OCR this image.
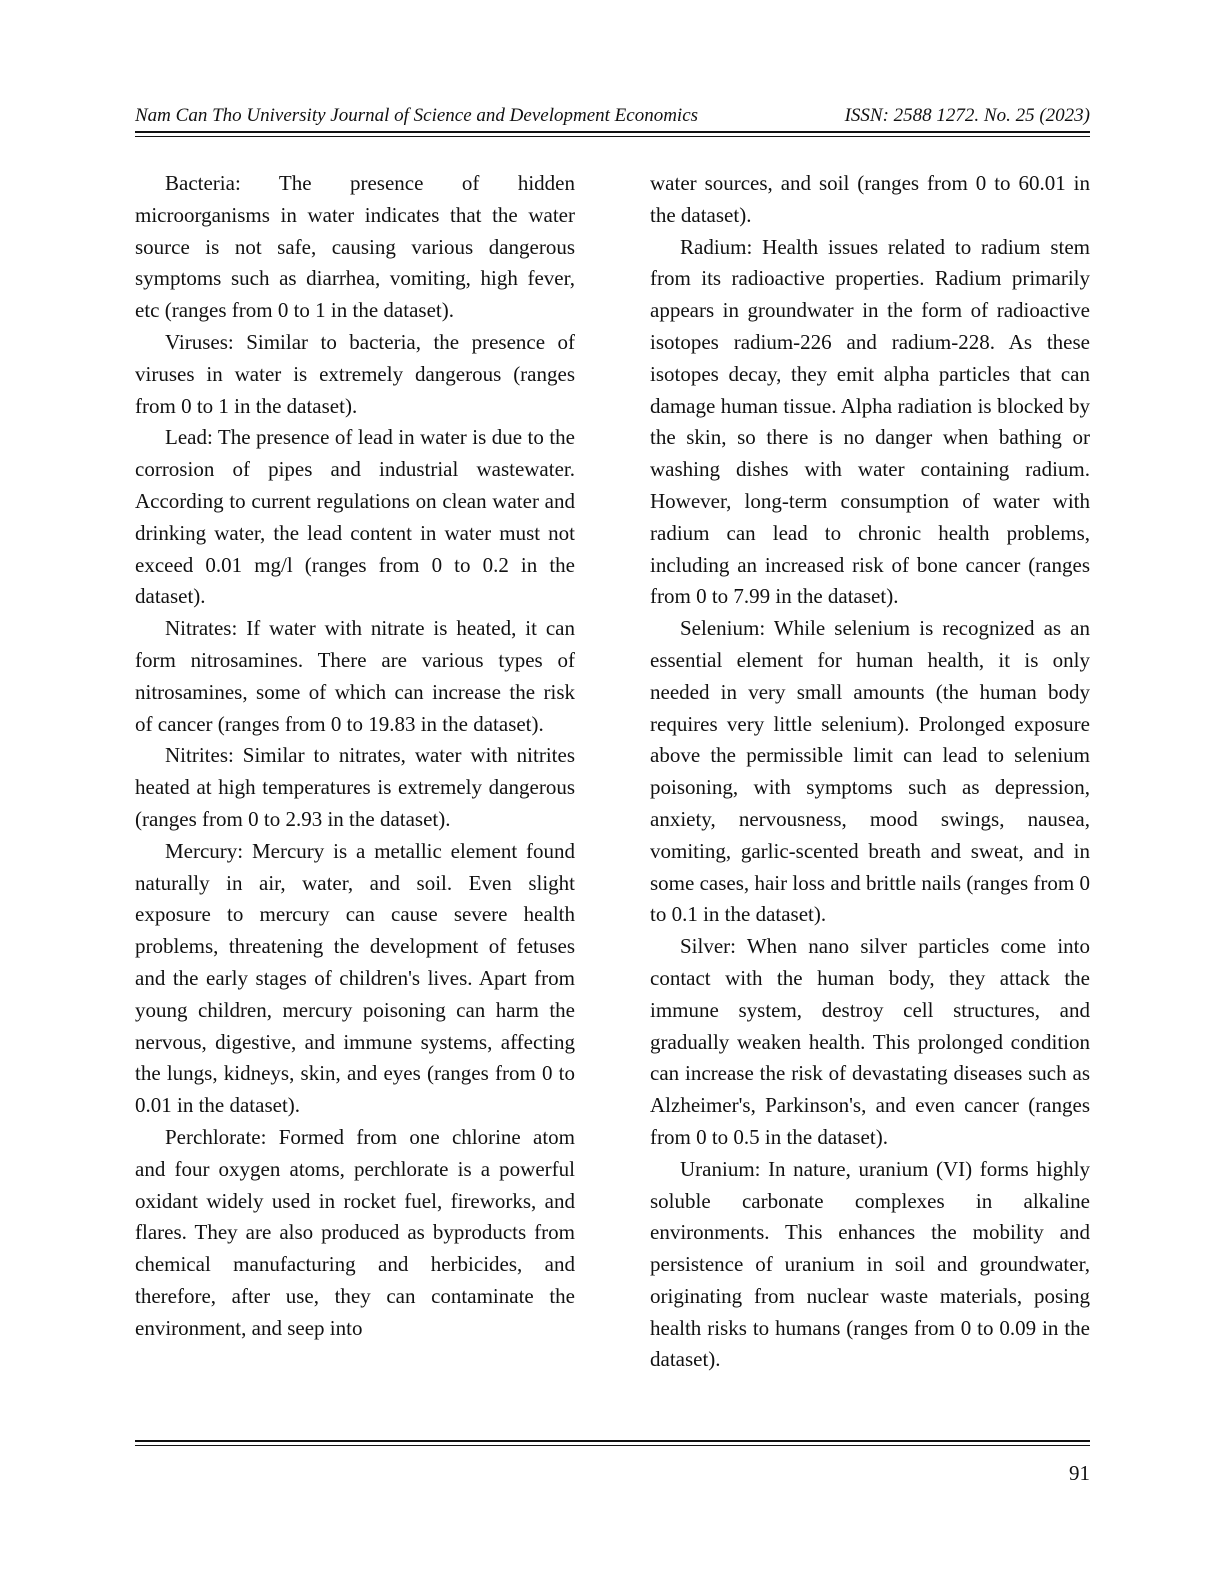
Nam Can Tho University Journal of Science and Development Economics	ISSN: 2588 1272. No. 25 (2023)

Bacteria: The presence of hidden microorganisms in water indicates that the water source is not safe, causing various dangerous symptoms such as diarrhea, vomiting, high fever, etc (ranges from 0 to 1 in the dataset).

Viruses: Similar to bacteria, the presence of viruses in water is extremely dangerous (ranges from 0 to 1 in the dataset).

Lead: The presence of lead in water is due to the corrosion of pipes and industrial wastewater. According to current regulations on clean water and drinking water, the lead content in water must not exceed 0.01 mg/l (ranges from 0 to 0.2 in the dataset).

Nitrates: If water with nitrate is heated, it can form nitrosamines. There are various types of nitrosamines, some of which can increase the risk of cancer (ranges from 0 to 19.83 in the dataset).

Nitrites: Similar to nitrates, water with nitrites heated at high temperatures is extremely dangerous (ranges from 0 to 2.93 in the dataset).

Mercury: Mercury is a metallic element found naturally in air, water, and soil. Even slight exposure to mercury can cause severe health problems, threatening the development of fetuses and the early stages of children's lives. Apart from young children, mercury poisoning can harm the nervous, digestive, and immune systems, affecting the lungs, kidneys, skin, and eyes (ranges from 0 to 0.01 in the dataset).

Perchlorate: Formed from one chlorine atom and four oxygen atoms, perchlorate is a powerful oxidant widely used in rocket fuel, fireworks, and flares. They are also produced as byproducts from chemical manufacturing and herbicides, and therefore, after use, they can contaminate the environment, and seep into

water sources, and soil (ranges from 0 to 60.01 in the dataset).

Radium: Health issues related to radium stem from its radioactive properties. Radium primarily appears in groundwater in the form of radioactive isotopes radium-226 and radium-228. As these isotopes decay, they emit alpha particles that can damage human tissue. Alpha radiation is blocked by the skin, so there is no danger when bathing or washing dishes with water containing radium. However, long-term consumption of water with radium can lead to chronic health problems, including an increased risk of bone cancer (ranges from 0 to 7.99 in the dataset).

Selenium: While selenium is recognized as an essential element for human health, it is only needed in very small amounts (the human body requires very little selenium). Prolonged exposure above the permissible limit can lead to selenium poisoning, with symptoms such as depression, anxiety, nervousness, mood swings, nausea, vomiting, garlic-scented breath and sweat, and in some cases, hair loss and brittle nails (ranges from 0 to 0.1 in the dataset).

Silver: When nano silver particles come into contact with the human body, they attack the immune system, destroy cell structures, and gradually weaken health. This prolonged condition can increase the risk of devastating diseases such as Alzheimer's, Parkinson's, and even cancer (ranges from 0 to 0.5 in the dataset).

Uranium: In nature, uranium (VI) forms highly soluble carbonate complexes in alkaline environments. This enhances the mobility and persistence of uranium in soil and groundwater, originating from nuclear waste materials, posing health risks to humans (ranges from 0 to 0.09 in the dataset).

91
